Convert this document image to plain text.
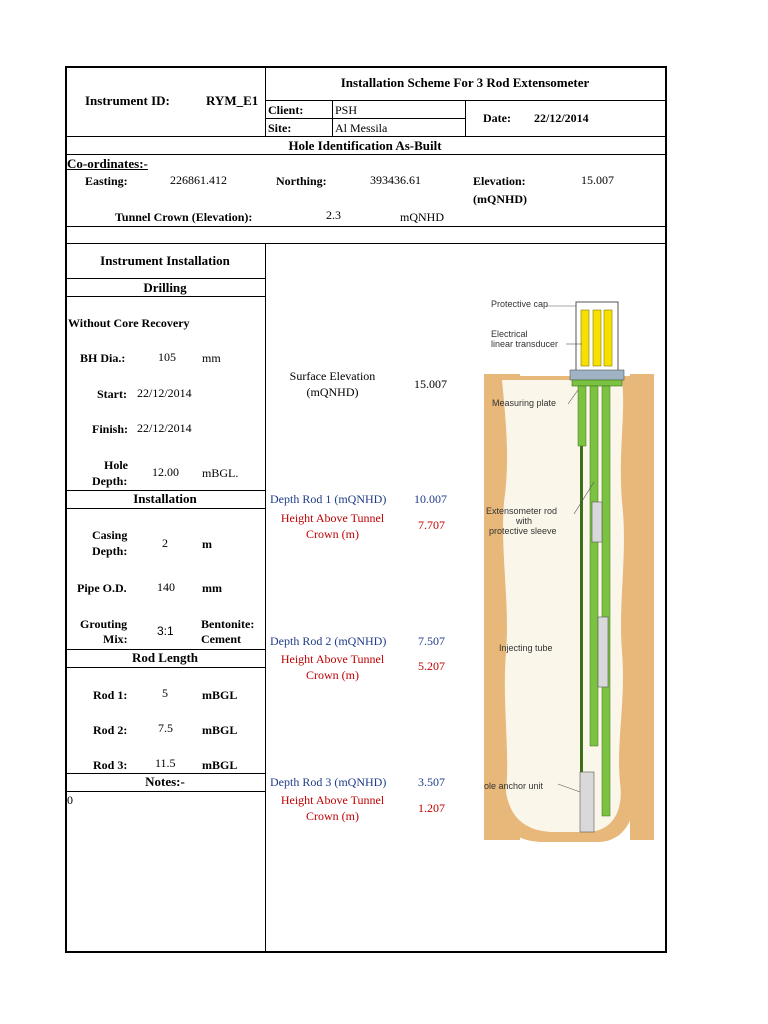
Instrument ID:	RYM_E1
Installation Scheme For 3 Rod Extensometer
Client:	PSH
Site:	Al Messila
Date: 22/12/2014
Hole Identification As-Built
Co-ordinates:-
Easting:	226861.412	Northing:	393436.61	Elevation:
(mQNHD)
15.007
Tunnel Crown (Elevation):	2.3	mQNHD
Instrument Installation
Drilling
Without Core Recovery
BH Dia.:	105 mm
Start: 22/12/2014
Finish: 22/12/2014
Hole
Depth:
12.00 mBGL.
Installation
Casing
Depth:
2	m
Pipe O.D.	140 mm
Grouting
Mix:
3:1 Bentonite:
Cement
Rod Length
Rod 1:	5	mBGL
Rod 2:	7.5 mBGL
Rod 3: 11.5 mBGL
Notes:-
0
Surface Elevation
(mQNHD)
15.007
Depth Rod 1 (mQNHD) 10.007
Height Above Tunnel
Crown (m)
7.707
Depth Rod 2 (mQNHD)	7.507
Height Above Tunnel
Crown (m)
5.207
Depth Rod 3 (mQNHD)	3.507
Height Above Tunnel
Crown (m)
1.207
Protective cap
Electrical
linear transducer
Measuring plate
Extensometer rod
with
protective sleeve
Injecting tube
ole anchor unit
